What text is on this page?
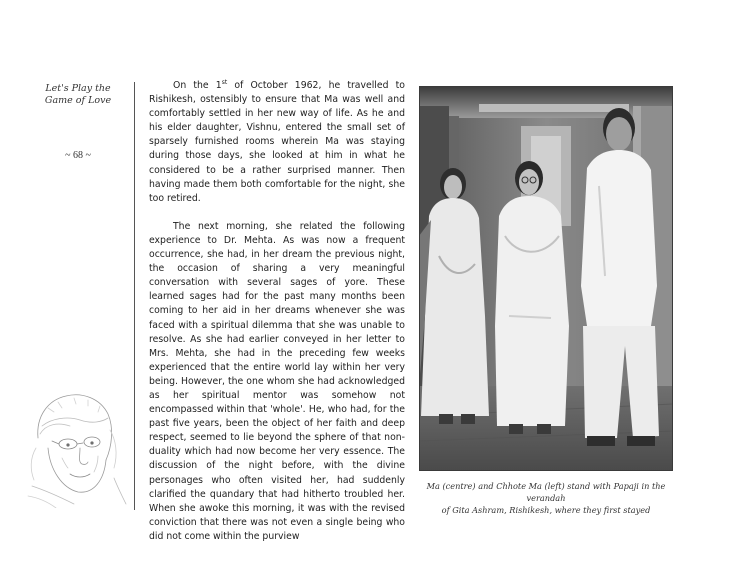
Let's Play the
Game of Love
~ 68 ~

On the 1st of October 1962, he travelled to Rishikesh, ostensibly to ensure that Ma was well and comfortably settled in her new way of life. As he and his elder daughter, Vishnu, entered the small set of sparsely furnished rooms wherein Ma was staying during those days, she looked at him in what he considered to be a rather surprised manner. Then having made them both comfortable for the night, she too retired.

The next morning, she related the following experience to Dr. Mehta. As was now a frequent occurrence, she had, in her dream the previous night, the occasion of sharing a very meaningful conversation with several sages of yore. These learned sages had for the past many months been coming to her aid in her dreams whenever she was faced with a spiritual dilemma that she was unable to resolve. As she had earlier conveyed in her letter to Mrs. Mehta, she had in the preceding few weeks experienced that the entire world lay within her very being. However, the one whom she had acknowledged as her spiritual mentor was somehow not encompassed within that 'whole'. He, who had, for the past five years, been the object of her faith and deep respect, seemed to lie beyond the sphere of that non-duality which had now become her very essence. The discussion of the night before, with the divine personages who often visited her, had suddenly clarified the quandary that had hitherto troubled her. When she awoke this morning, it was with the revised conviction that there was not even a single being who did not come within the purview

Ma (centre) and Chhote Ma (left) stand with Papaji in the verandah
of Gita Ashram, Rishikesh, where they first stayed
